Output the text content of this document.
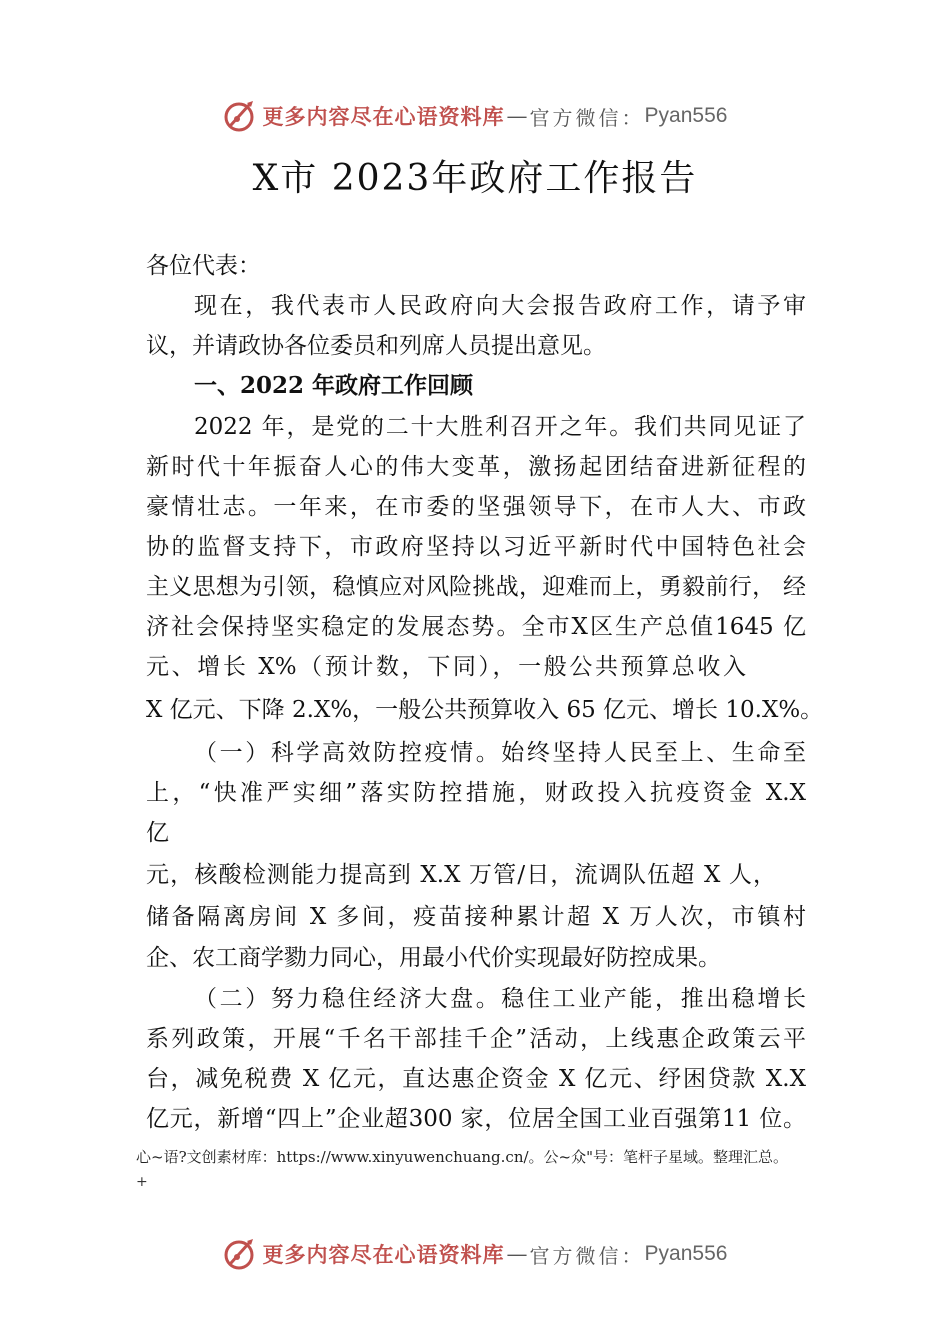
更多内容尽在心语资料库 — 官方微信： Pyan556
X市 2023年政府工作报告
各位代表：
现在，我代表市人民政府向大会报告政府工作，请予审
议，并请政协各位委员和列席人员提出意见。
一、2022 年政府工作回顾
2022 年，是党的二十大胜利召开之年。我们共同见证了
新时代十年振奋人心的伟大变革，激扬起团结奋进新征程的
豪情壮志。一年来，在市委的坚强领导下，在市人大、市政
协的监督支持下，市政府坚持以习近平新时代中国特色社会
主义思想为引领，稳慎应对风险挑战，迎难而上，勇毅前行， 经
济社会保持坚实稳定的发展态势。全市X区生产总值1645 亿
元、增长 X%（预计数，下同），一般公共预算总收入
X 亿元、下降 2.X%，一般公共预算收入 65 亿元、增长 10.X%。
（一）科学高效防控疫情。始终坚持人民至上、生命至
上，“快准严实细”落实防控措施，财政投入抗疫资金 X.X
亿
元，核酸检测能力提高到 X.X 万管/日，流调队伍超 X 人，
储备隔离房间 X 多间，疫苗接种累计超 X 万人次，市镇村
企、农工商学勠力同心，用最小代价实现最好防控成果。
（二）努力稳住经济大盘。稳住工业产能，推出稳增长
系列政策，开展“千名干部挂千企”活动，上线惠企政策云平
台，减免税费 X 亿元，直达惠企资金 X 亿元、纾困贷款 X.X
亿元，新增“四上”企业超300 家，位居全国工业百强第11 位。
心~语?文创素材库：https://www.xinyuwenchuang.cn/。公~众"号：笔杆子星域。整理汇总。
+
更多内容尽在心语资料库 — 官方微信： Pyan556
